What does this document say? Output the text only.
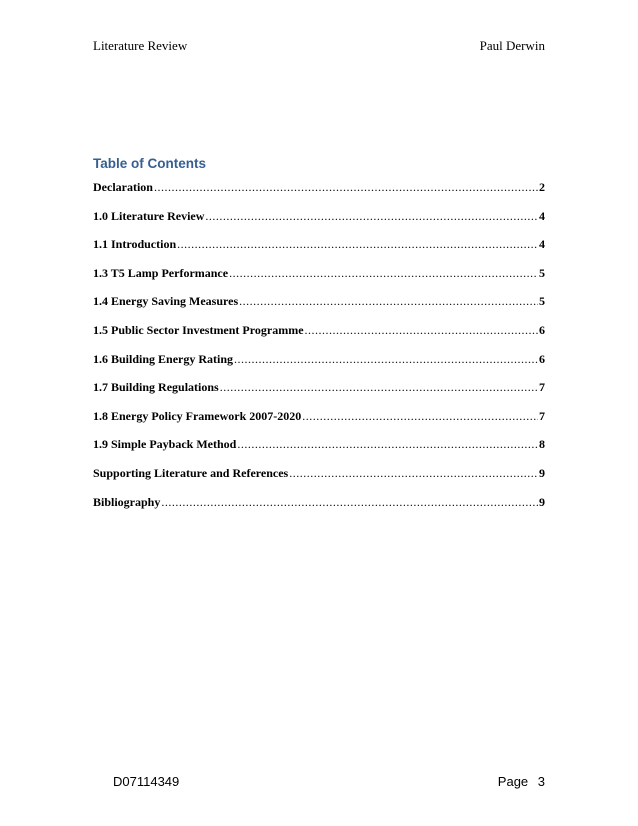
Literature Review	Paul Derwin
Table of Contents
Declaration .....	2
1.0 Literature Review .....	4
1.1 Introduction .....	4
1.3 T5 Lamp Performance .....	5
1.4 Energy Saving Measures .....	5
1.5 Public Sector Investment Programme .....	6
1.6 Building Energy Rating .....	6
1.7 Building Regulations .....	7
1.8 Energy Policy Framework 2007-2020 .....	7
1.9 Simple Payback Method .....	8
Supporting Literature and References .....	9
Bibliography .....	9
D07114349	Page 3
